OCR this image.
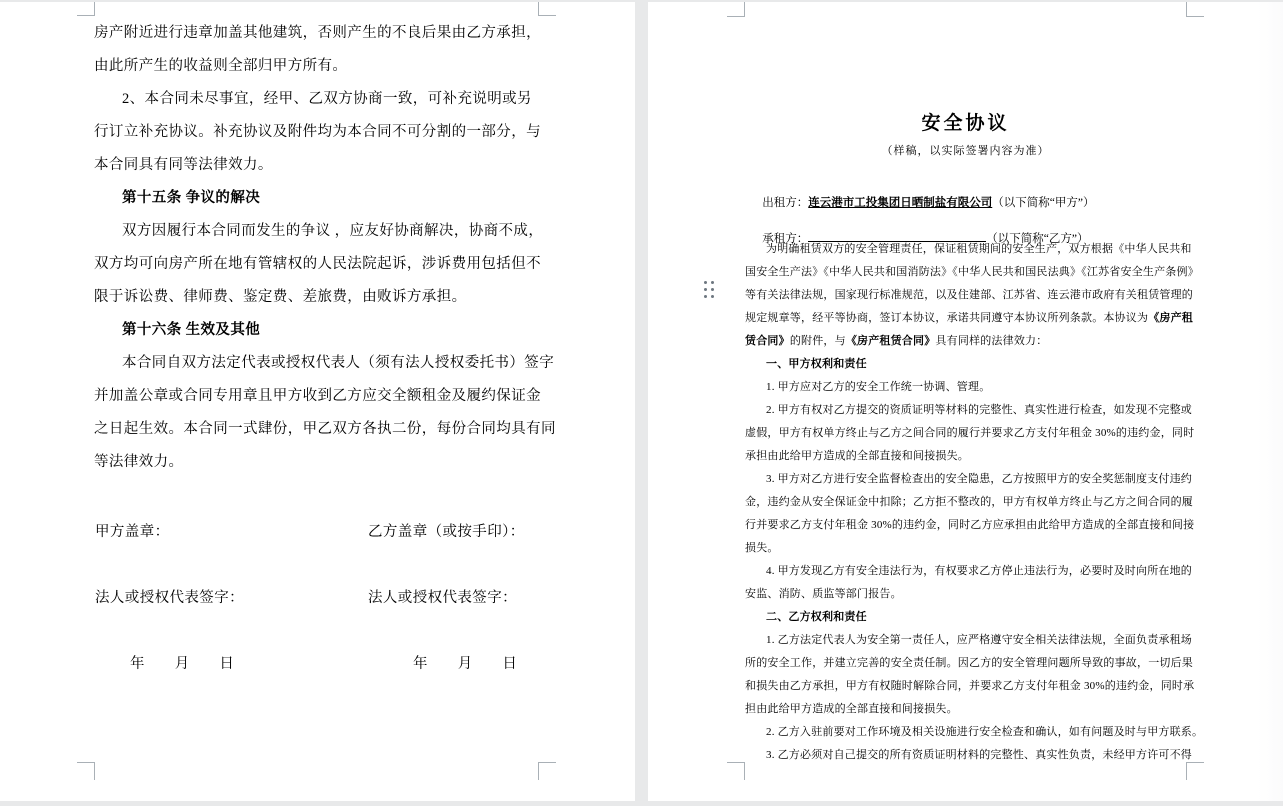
房产附近进行违章加盖其他建筑，否则产生的不良后果由乙方承担，
由此所产生的收益则全部归甲方所有。
2、本合同未尽事宜，经甲、乙双方协商一致，可补充说明或另
行订立补充协议。补充协议及附件均为本合同不可分割的一部分，与
本合同具有同等法律效力。
第十五条 争议的解决
双方因履行本合同而发生的争议 ，应友好协商解决，协商不成，
双方均可向房产所在地有管辖权的人民法院起诉，涉诉费用包括但不
限于诉讼费、律师费、鉴定费、差旅费，由败诉方承担。
第十六条 生效及其他
本合同自双方法定代表或授权代表人（须有法人授权委托书）签字
并加盖公章或合同专用章且甲方收到乙方应交全额租金及履约保证金
之日起生效。本合同一式肆份，甲乙双方各执二份，每份合同均具有同
等法律效力。
甲方盖章：	乙方盖章（或按手印）：
法人或授权代表签字：	法人或授权代表签字：
年　　月　　日	年　　月　　日
安全协议
（样稿，以实际签署内容为准）

出租方：连云港市工投集团日晒制盐有限公司（以下简称“甲方”）

承租方：	（以下简称“乙方”）

为明确租赁双方的安全管理责任，保证租赁期间的安全生产，双方根据《中华人民共和
国安全生产法》《中华人民共和国消防法》《中华人民共和国民法典》《江苏省安全生产条例》
等有关法律法规，国家现行标准规范，以及住建部、江苏省、连云港市政府有关租赁管理的
规定规章等，经平等协商，签订本协议，承诺共同遵守本协议所列条款。本协议为《房产租
赁合同》的附件，与《房产租赁合同》具有同样的法律效力：
一、甲方权利和责任
1. 甲方应对乙方的安全工作统一协调、管理。
2. 甲方有权对乙方提交的资质证明等材料的完整性、真实性进行检查，如发现不完整或
虚假，甲方有权单方终止与乙方之间合同的履行并要求乙方支付年租金 30%的违约金，同时
承担由此给甲方造成的全部直接和间接损失。
3. 甲方对乙方进行安全监督检查出的安全隐患，乙方按照甲方的安全奖惩制度支付违约
金，违约金从安全保证金中扣除；乙方拒不整改的，甲方有权单方终止与乙方之间合同的履
行并要求乙方支付年租金 30%的违约金，同时乙方应承担由此给甲方造成的全部直接和间接
损失。
4. 甲方发现乙方有安全违法行为，有权要求乙方停止违法行为，必要时及时向所在地的
安监、消防、质监等部门报告。
二、乙方权利和责任
1. 乙方法定代表人为安全第一责任人，应严格遵守安全相关法律法规，全面负责承租场
所的安全工作，并建立完善的安全责任制。因乙方的安全管理问题所导致的事故，一切后果
和损失由乙方承担，甲方有权随时解除合同，并要求乙方支付年租金 30%的违约金，同时承
担由此给甲方造成的全部直接和间接损失。
2. 乙方入驻前要对工作环境及相关设施进行安全检查和确认，如有问题及时与甲方联系。
3. 乙方必须对自己提交的所有资质证明材料的完整性、真实性负责，未经甲方许可不得
